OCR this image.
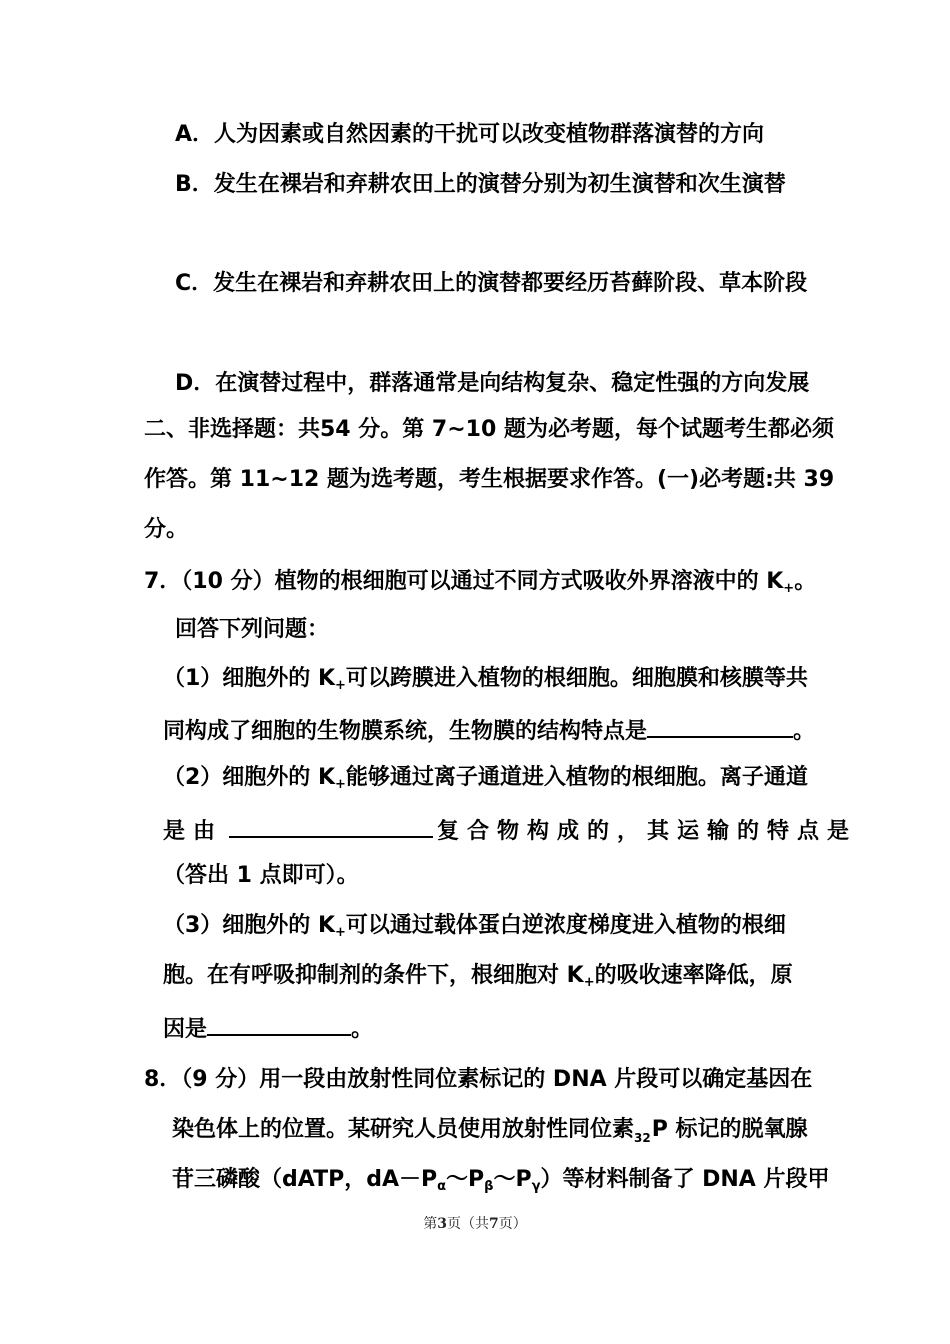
A．人为因素或自然因素的干扰可以改变植物群落演替的方向
B．发生在裸岩和弃耕农田上的演替分别为初生演替和次生演替
C．发生在裸岩和弃耕农田上的演替都要经历苔藓阶段、草本阶段
D．在演替过程中，群落通常是向结构复杂、稳定性强的方向发展
二、非选择题：共54 分。第 7~10 题为必考题，每个试题考生都必须
作答。第 11~12 题为选考题，考生根据要求作答。(一)必考题:共 39
分。
7．（10 分）植物的根细胞可以通过不同方式吸收外界溶液中的 $K_+$。
回答下列问题：
（1）细胞外的 $K_+$可以跨膜进入植物的根细胞。细胞膜和核膜等共
同构成了细胞的生物膜系统，生物膜的结构特点是	。
（2）细胞外的 $K_+$能够通过离子通道进入植物的根细胞。离子通道
是由	复合物构成的，其运输的特点是
（答出 1 点即可）。
（3）细胞外的 $K_+$可以通过载体蛋白逆浓度梯度进入植物的根细
胞。在有呼吸抑制剂的条件下，根细胞对 $K_+$的吸收速率降低，原
因是	。
8．（9 分）用一段由放射性同位素标记的 DNA 片段可以确定基因在
染色体上的位置。某研究人员使用放射性同位素$_{32}$P 标记的脱氧腺
苷三磷酸（dATP，$dA-P_\alpha\sim P_\beta\sim P_\gamma$）等材料制备了 DNA 片段甲
第3页（共7页）
